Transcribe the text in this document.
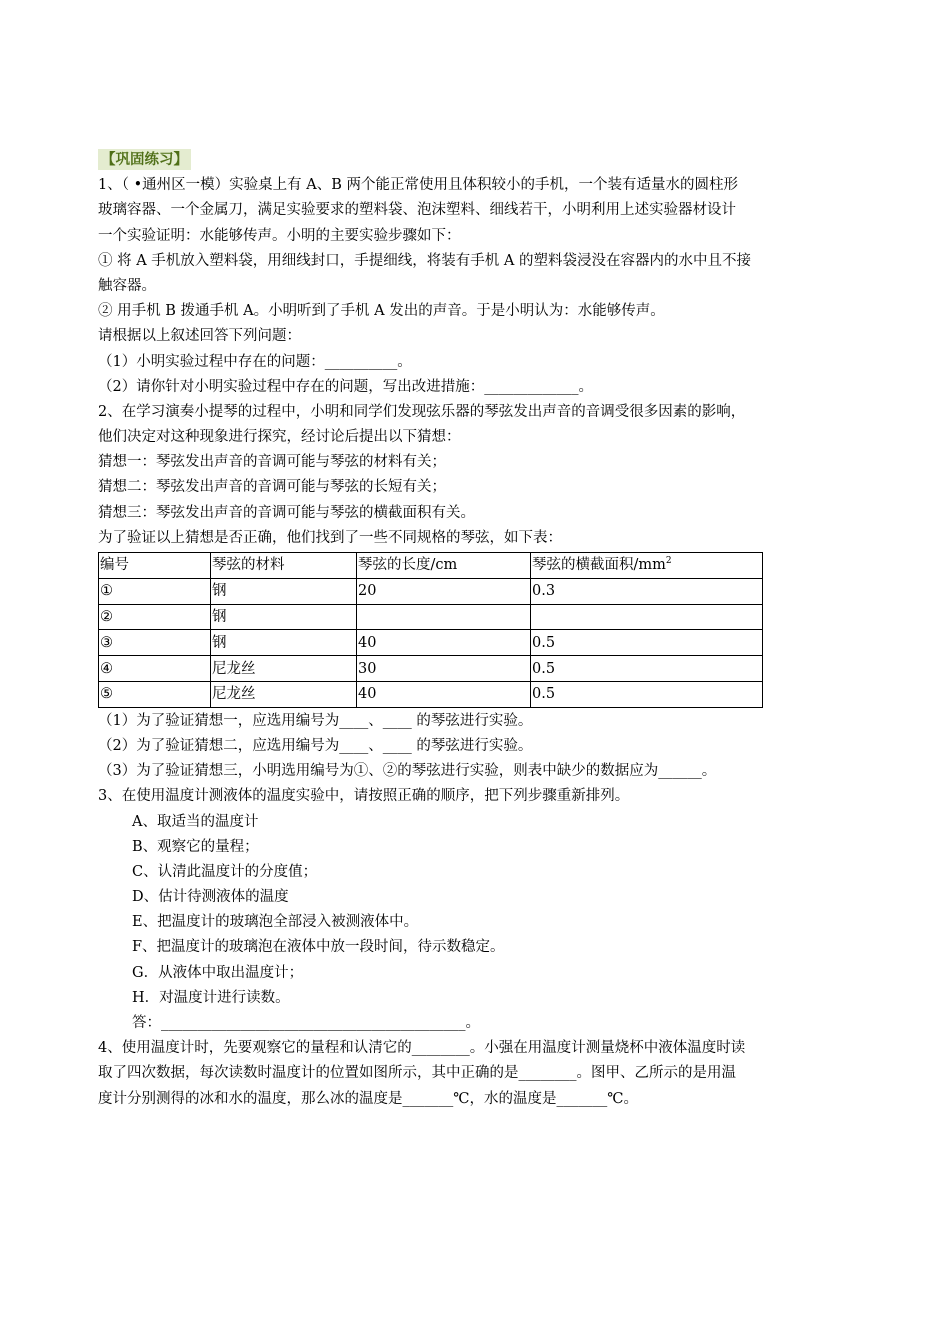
【巩固练习】
1、（ •通州区一模）实验桌上有 A、B 两个能正常使用且体积较小的手机，一个装有适量水的圆柱形
玻璃容器、一个金属刀，满足实验要求的塑料袋、泡沫塑料、细线若干，小明利用上述实验器材设计
一个实验证明：水能够传声。小明的主要实验步骤如下：
① 将 A 手机放入塑料袋，用细线封口，手提细线，将装有手机 A 的塑料袋浸没在容器内的水中且不接
触容器。
② 用手机 B 拨通手机 A。小明听到了手机 A 发出的声音。于是小明认为：水能够传声。
请根据以上叙述回答下列问题：
（1）小明实验过程中存在的问题：__________。
（2）请你针对小明实验过程中存在的问题，写出改进措施：_____________。
2、在学习演奏小提琴的过程中，小明和同学们发现弦乐器的琴弦发出声音的音调受很多因素的影响，
他们决定对这种现象进行探究，经讨论后提出以下猜想：
猜想一：琴弦发出声音的音调可能与琴弦的材料有关；
猜想二：琴弦发出声音的音调可能与琴弦的长短有关；
猜想三：琴弦发出声音的音调可能与琴弦的横截面积有关。
为了验证以上猜想是否正确，他们找到了一些不同规格的琴弦，如下表：
编号	琴弦的材料	琴弦的长度/cm	琴弦的横截面积$/mm^2$
①	钢	20	0.3
②	钢		
③	钢	40	0.5
④	尼龙丝	30	0.5
⑤	尼龙丝	40	0.5
（1）为了验证猜想一，应选用编号为____、____ 的琴弦进行实验。
（2）为了验证猜想二，应选用编号为____、____ 的琴弦进行实验。
（3）为了验证猜想三，小明选用编号为①、②的琴弦进行实验，则表中缺少的数据应为______。
3、在使用温度计测液体的温度实验中，请按照正确的顺序，把下列步骤重新排列。
A、取适当的温度计
B、观察它的量程；
C、认清此温度计的分度值；
D、估计待测液体的温度
E、把温度计的玻璃泡全部浸入被测液体中。
F、把温度计的玻璃泡在液体中放一段时间，待示数稳定。
G．从液体中取出温度计；
H．对温度计进行读数。
答：__________________________________________。
4、使用温度计时，先要观察它的量程和认清它的________。小强在用温度计测量烧杯中液体温度时读
取了四次数据，每次读数时温度计的位置如图所示，其中正确的是________。图甲、乙所示的是用温
度计分别测得的冰和水的温度，那么冰的温度是_______℃，水的温度是_______℃。
